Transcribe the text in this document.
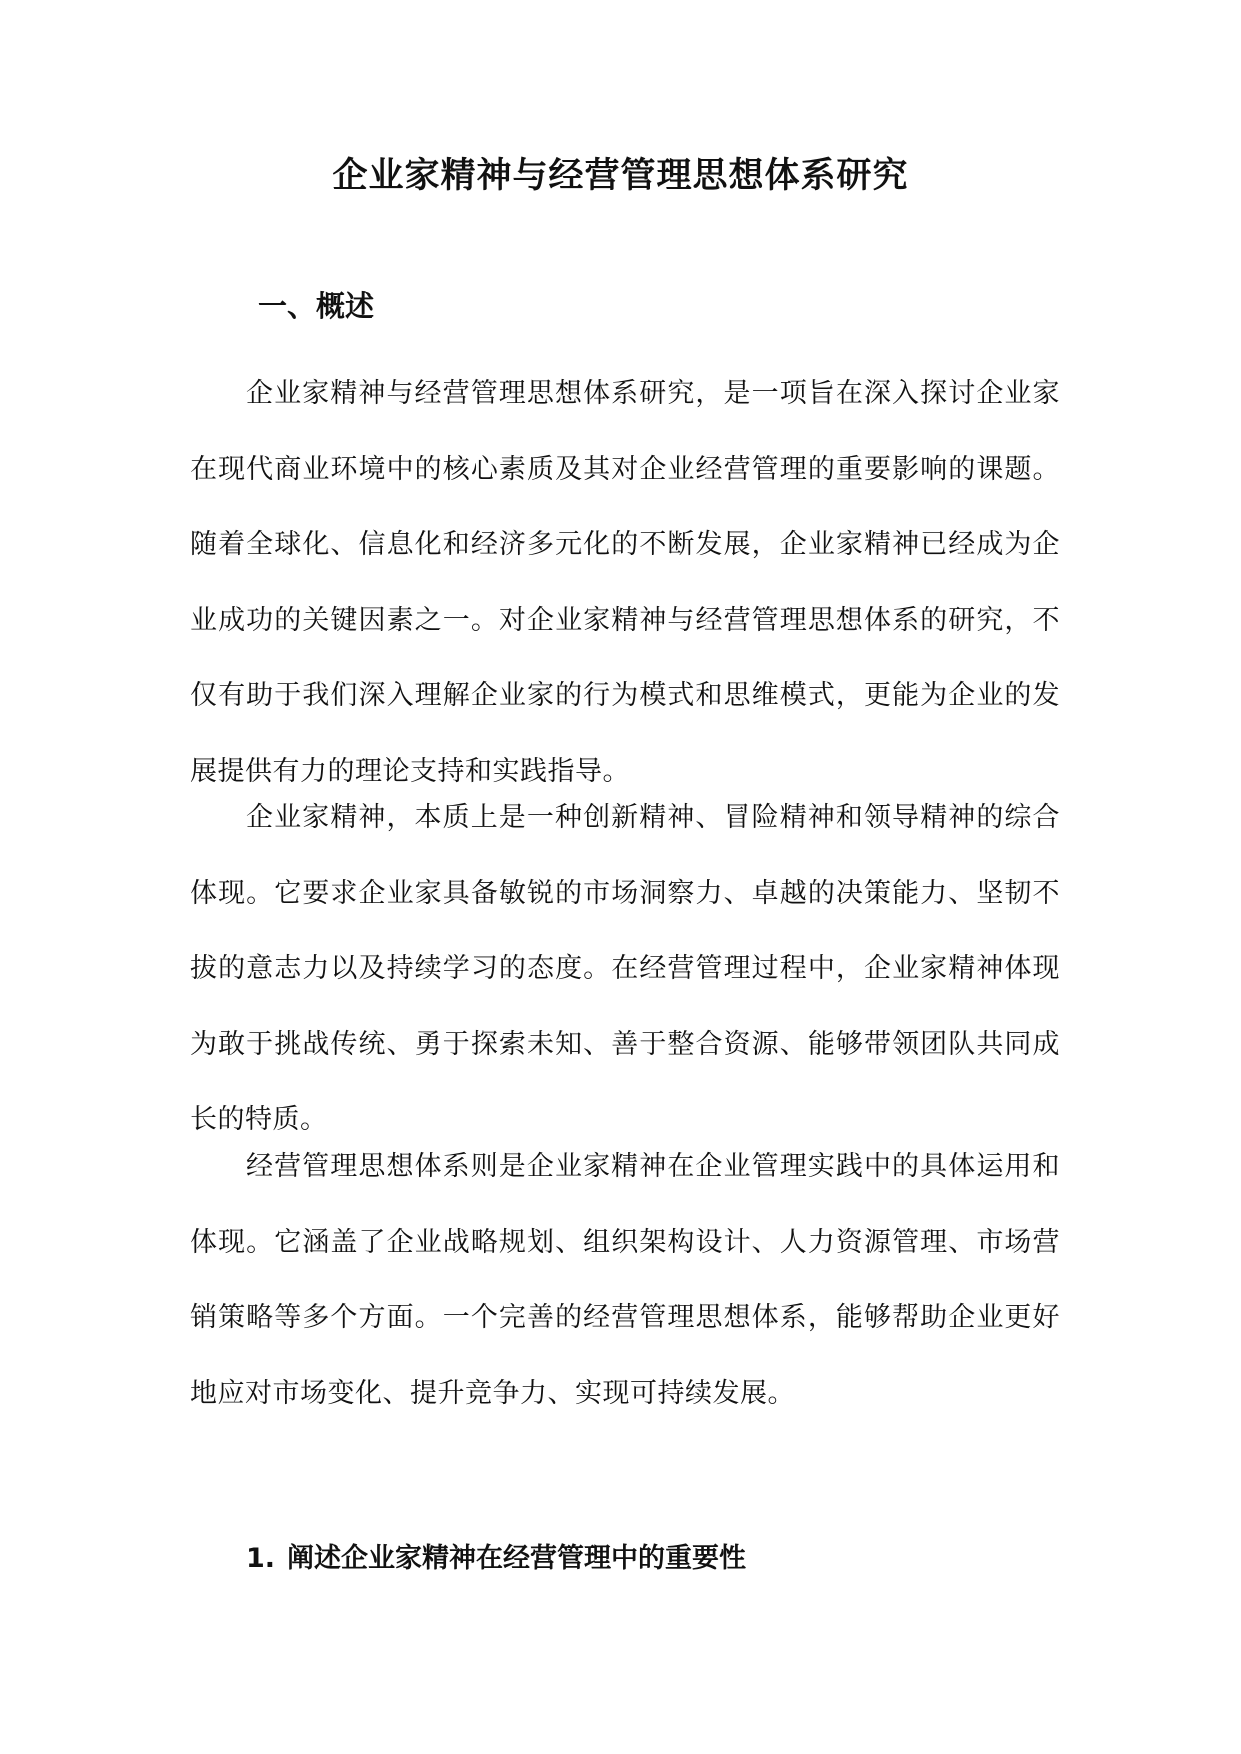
企业家精神与经营管理思想体系研究
一、概述

企业家精神与经营管理思想体系研究，是一项旨在深入探讨企业家在现代商业环境中的核心素质及其对企业经营管理的重要影响的课题。随着全球化、信息化和经济多元化的不断发展，企业家精神已经成为企业成功的关键因素之一。对企业家精神与经营管理思想体系的研究，不仅有助于我们深入理解企业家的行为模式和思维模式，更能为企业的发展提供有力的理论支持和实践指导。

企业家精神，本质上是一种创新精神、冒险精神和领导精神的综合体现。它要求企业家具备敏锐的市场洞察力、卓越的决策能力、坚韧不拔的意志力以及持续学习的态度。在经营管理过程中，企业家精神体现为敢于挑战传统、勇于探索未知、善于整合资源、能够带领团队共同成长的特质。

经营管理思想体系则是企业家精神在企业管理实践中的具体运用和体现。它涵盖了企业战略规划、组织架构设计、人力资源管理、市场营销策略等多个方面。一个完善的经营管理思想体系，能够帮助企业更好地应对市场变化、提升竞争力、实现可持续发展。

1. 阐述企业家精神在经营管理中的重要性
